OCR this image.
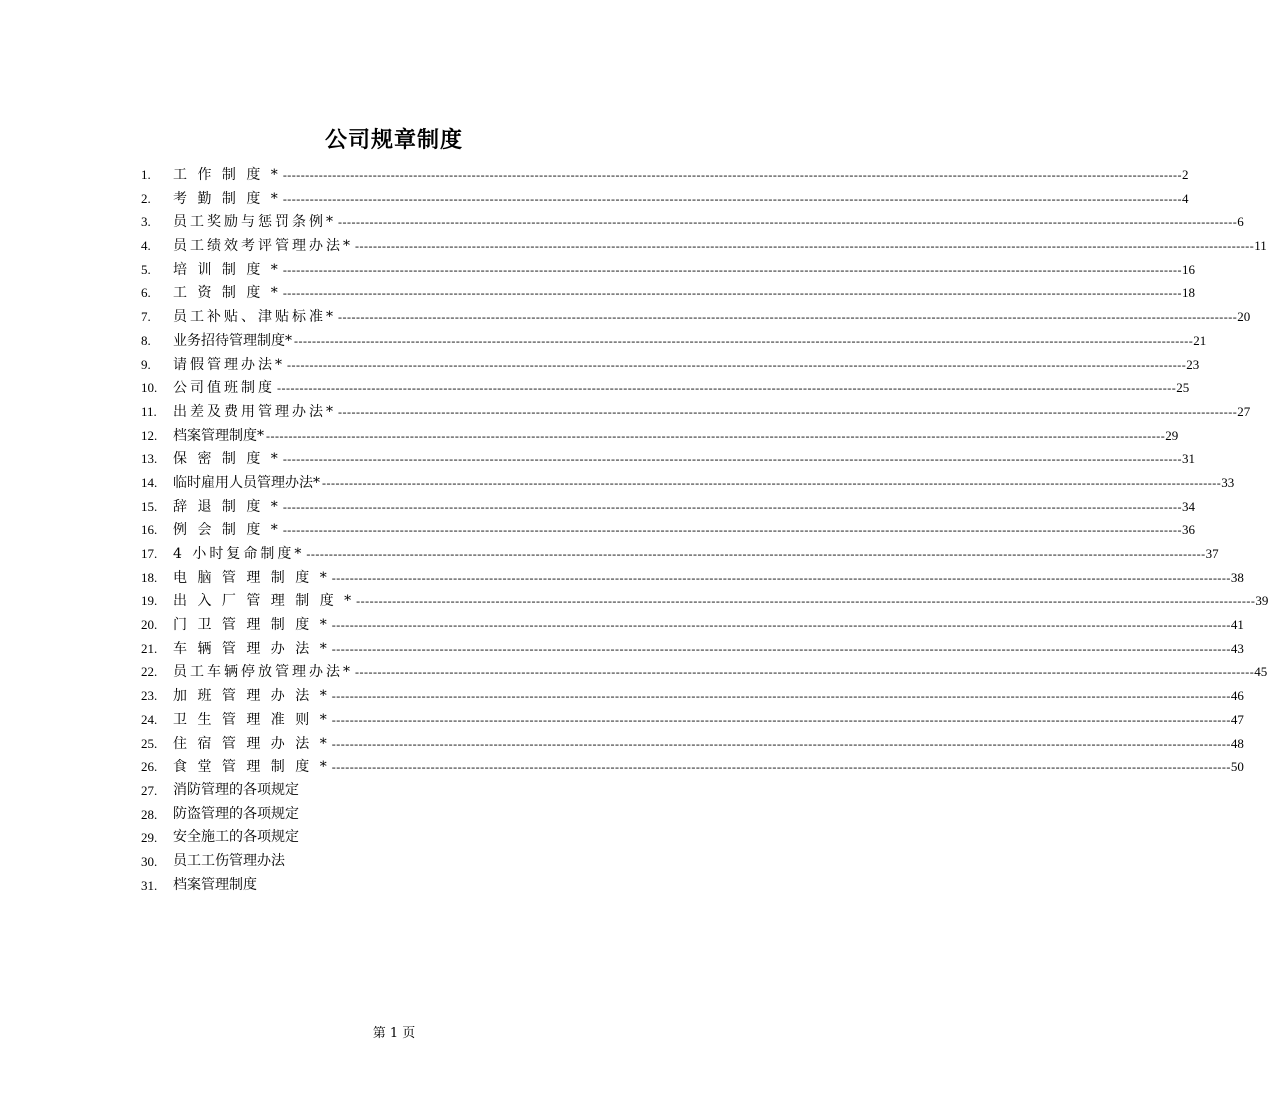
公司规章制度
1.	工 作 制 度 * -------------------------------------------------------------------------------------------------------------------------------------------------------------------------------------------------------- 2
2.	考 勤 制 度 * -------------------------------------------------------------------------------------------------------------------------------------------------------------------------------------------------------- 4
3.	员工奖励与惩罚条例* -------------------------------------------------------------------------------------------------------------------------------------------------------------------------------------------------------- 6
4.	员工绩效考评管理办法* -------------------------------------------------------------------------------------------------------------------------------------------------------------------------------------------------------- 11
5.	培 训 制 度 * -------------------------------------------------------------------------------------------------------------------------------------------------------------------------------------------------------- 16
6.	工 资 制 度 * -------------------------------------------------------------------------------------------------------------------------------------------------------------------------------------------------------- 18
7.	员工补贴、津贴标准* -------------------------------------------------------------------------------------------------------------------------------------------------------------------------------------------------------- 20
8.	业务招待管理制度* -------------------------------------------------------------------------------------------------------------------------------------------------------------------------------------------------------- 21
9.	请假管理办法* -------------------------------------------------------------------------------------------------------------------------------------------------------------------------------------------------------- 23
10.	公司值班制度 -------------------------------------------------------------------------------------------------------------------------------------------------------------------------------------------------------- 25
11.	出差及费用管理办法* -------------------------------------------------------------------------------------------------------------------------------------------------------------------------------------------------------- 27
12.	档案管理制度* -------------------------------------------------------------------------------------------------------------------------------------------------------------------------------------------------------- 29
13.	保 密 制 度 * -------------------------------------------------------------------------------------------------------------------------------------------------------------------------------------------------------- 31
14.	临时雇用人员管理办法* -------------------------------------------------------------------------------------------------------------------------------------------------------------------------------------------------------- 33
15.	辞 退 制 度 * -------------------------------------------------------------------------------------------------------------------------------------------------------------------------------------------------------- 34
16.	例 会 制 度 * -------------------------------------------------------------------------------------------------------------------------------------------------------------------------------------------------------- 36
17.	4 小时复命制度* -------------------------------------------------------------------------------------------------------------------------------------------------------------------------------------------------------- 37
18.	电 脑 管 理 制 度 * -------------------------------------------------------------------------------------------------------------------------------------------------------------------------------------------------------- 38
19.	出 入 厂 管 理 制 度 * -------------------------------------------------------------------------------------------------------------------------------------------------------------------------------------------------------- 39
20.	门 卫 管 理 制 度 * -------------------------------------------------------------------------------------------------------------------------------------------------------------------------------------------------------- 41
21.	车 辆 管 理 办 法 * -------------------------------------------------------------------------------------------------------------------------------------------------------------------------------------------------------- 43
22.	员工车辆停放管理办法* -------------------------------------------------------------------------------------------------------------------------------------------------------------------------------------------------------- 45
23.	加 班 管 理 办 法 * -------------------------------------------------------------------------------------------------------------------------------------------------------------------------------------------------------- 46
24.	卫 生 管 理 准 则 * -------------------------------------------------------------------------------------------------------------------------------------------------------------------------------------------------------- 47
25.	住 宿 管 理 办 法 * -------------------------------------------------------------------------------------------------------------------------------------------------------------------------------------------------------- 48
26.	食 堂 管 理 制 度 * -------------------------------------------------------------------------------------------------------------------------------------------------------------------------------------------------------- 50
27.	消防管理的各项规定
28.	防盗管理的各项规定
29.	安全施工的各项规定
30.	员工工伤管理办法
31.	档案管理制度
第 1 页
